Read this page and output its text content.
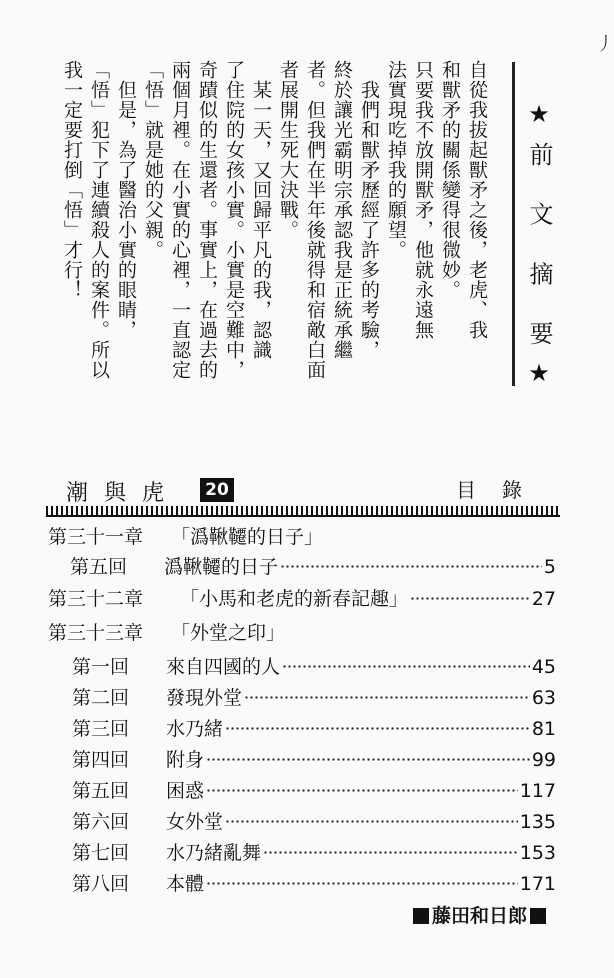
丿
自從我拔起獸矛之後，老虎、我
和獸矛的關係變得很微妙。
只要我不放開獸矛，他就永遠無
法實現吃掉我的願望。
我們和獸矛歷經了許多的考驗，
終於讓光霸明宗承認我是正統承繼
者。但我們在半年後就得和宿敵白面
者展開生死大決戰。
某一天，又回歸平凡的我，認識
了住院的女孩小實。小實是空難中，
奇蹟似的生還者。事實上，在過去的
兩個月裡。在小實的心裡，一直認定
「悟」就是她的父親。
但是，為了醫治小實的眼睛，
「悟」犯下了連續殺人的案件。所以
我一定要打倒「悟」才行！	★前 文 摘 要★
潮與虎	20	目錄
第三十一章 「潙鞦韆的日子」
第五回	潙鞦韆的日子	5
第三十二章	「小馬和老虎的新春記趣」	27
第三十三章 「外堂之印」
第一回	來自四國的人	45
第二回	發現外堂	63
第三回	水乃緒	81
第四回	附身	99
第五回	困惑	117
第六回	女外堂	135
第七回	水乃緒亂舞	153
第八回	本體	171
藤田和日郎
